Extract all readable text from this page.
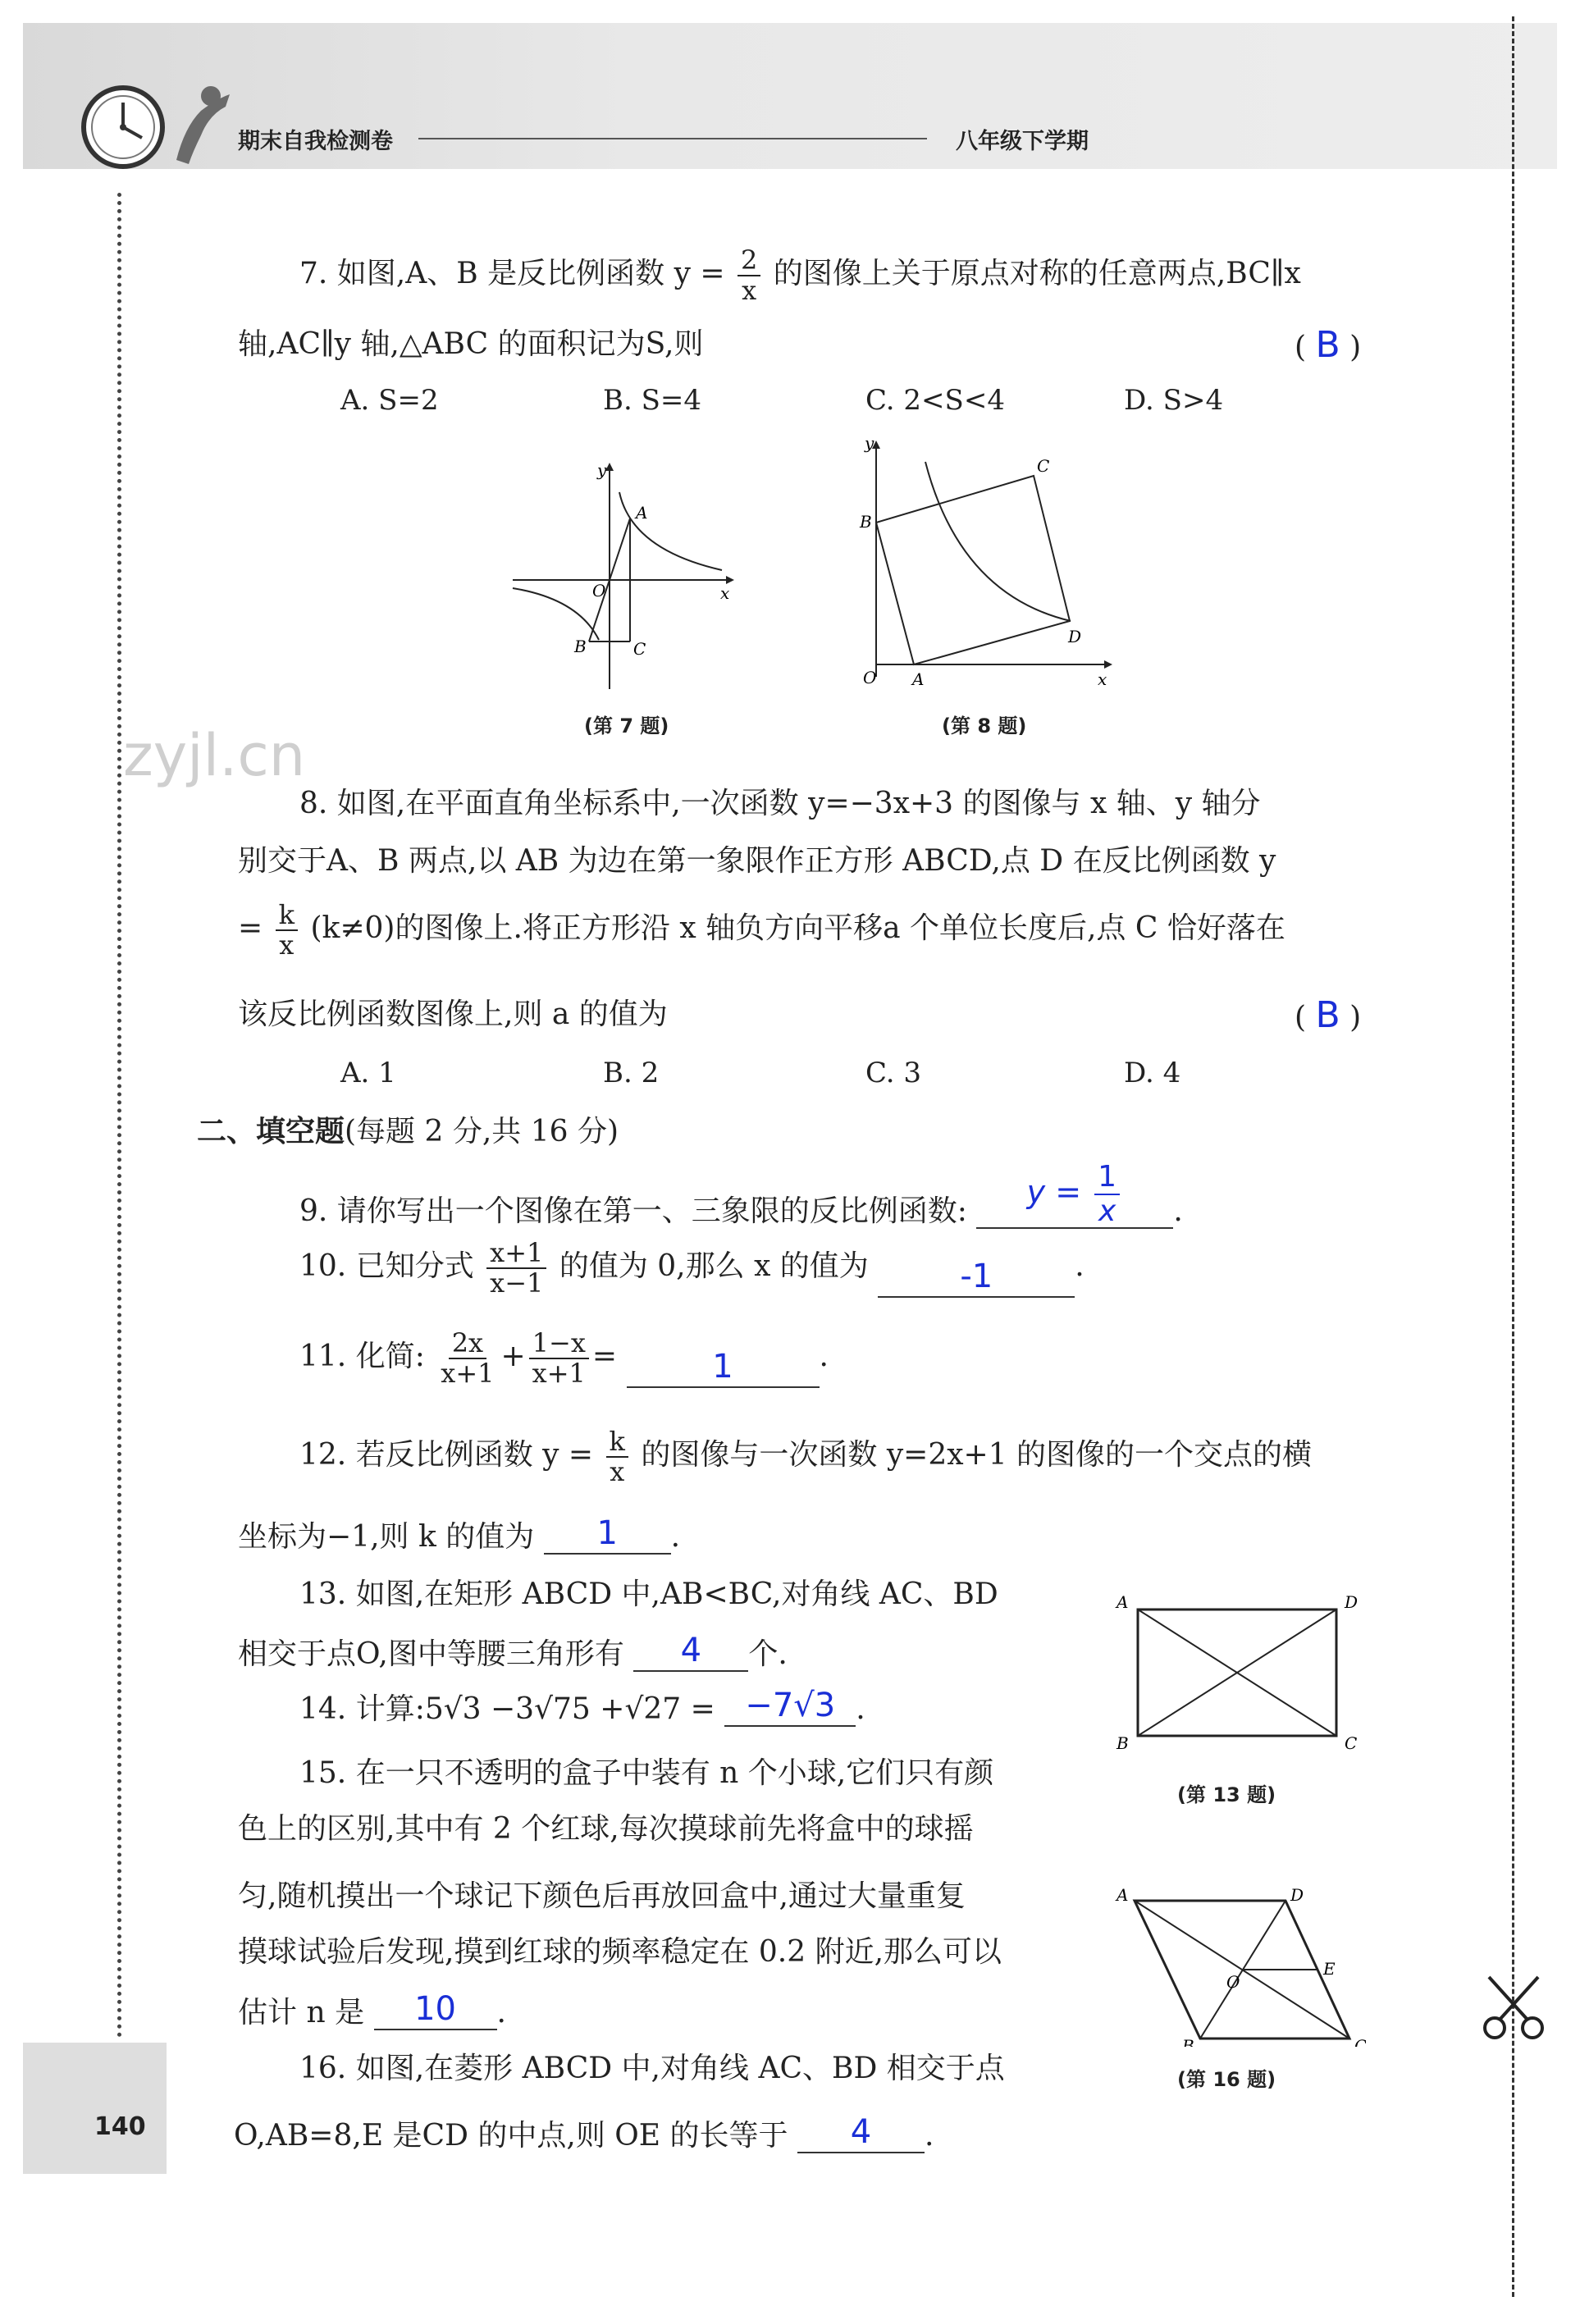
期末自我检测卷	八年级下学期
zyjl.cn
7. 如图,A、B 是反比例函数 $y = \frac{2}{x}$ 的图像上关于原点对称的任意两点,BC∥x
轴,AC∥y 轴,△ABC 的面积记为S,则	( B )
A. S=2	B. S=4	C. 2<S<4	D. S>4
y
x
O
A
B	C
(第 7 题)
y
x
O A
B
C
D
(第 8 题)
8. 如图,在平面直角坐标系中,一次函数 y=−3x+3 的图像与 x 轴、y 轴分
别交于A、B 两点,以 AB 为边在第一象限作正方形 ABCD,点 D 在反比例函数 y
= $\frac{k}{x} (k\ne 0)$的图像上.将正方形沿 x 轴负方向平移a 个单位长度后,点 C 恰好落在
该反比例函数图像上,则 a 的值为	( B )
A. 1	B. 2	C. 3	D. 4
二、填空题(每题 2 分,共 16 分)
9. 请你写出一个图像在第一、三象限的反比例函数: $y = \frac{1}{x}$ .
10. 已知分式 $\frac{x+1}{x-1}$ 的值为 0,那么 x 的值为	-1	.
11. 化简: $\frac{2x}{x+1} + \frac{1-x}{x+1}$ =	1	.
12. 若反比例函数 $y = \frac{k}{x}$ 的图像与一次函数 y=2x+1 的图像的一个交点的横
坐标为−1,则 k 的值为 1 .
13. 如图,在矩形 ABCD 中,AB<BC,对角线 AC、BD
相交于点O,图中等腰三角形有 4 个.
A	D
B	C
(第 13 题)
14. 计算:5√3 −3√75 +√27 = −7√3 .
15. 在一只不透明的盒子中装有 n 个小球,它们只有颜
色上的区别,其中有 2 个红球,每次摸球前先将盒中的球摇
匀,随机摸出一个球记下颜色后再放回盒中,通过大量重复
摸球试验后发现,摸到红球的频率稳定在 0.2 附近,那么可以
估计 n 是 10 .
A	D
E
O
B	C
(第 16 题)
16. 如图,在菱形 ABCD 中,对角线 AC、BD 相交于点
O,AB=8,E 是CD 的中点,则 OE 的长等于 4 .
140
